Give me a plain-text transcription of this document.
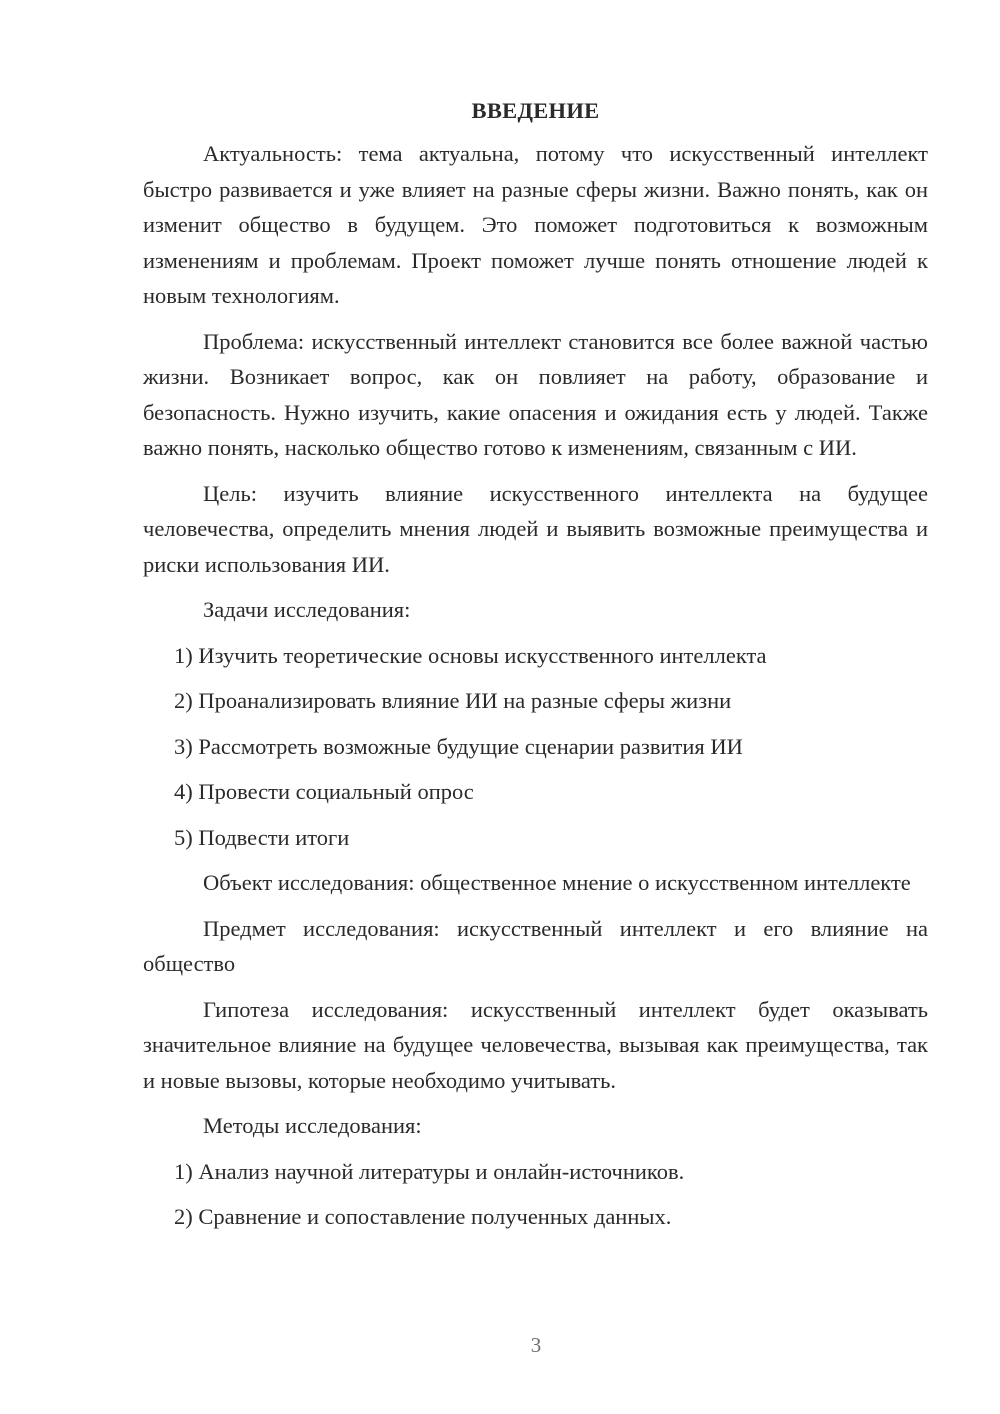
ВВЕДЕНИЕ

Актуальность: тема актуальна, потому что искусственный интеллект быстро развивается и уже влияет на разные сферы жизни. Важно понять, как он изменит общество в будущем. Это поможет подготовиться к возможным изменениям и проблемам. Проект поможет лучше понять отношение людей к новым технологиям.

Проблема: искусственный интеллект становится все более важной частью жизни. Возникает вопрос, как он повлияет на работу, образование и безопасность. Нужно изучить, какие опасения и ожидания есть у людей. Также важно понять, насколько общество готово к изменениям, связанным с ИИ.

Цель: изучить влияние искусственного интеллекта на будущее человечества, определить мнения людей и выявить возможные преимущества и риски использования ИИ.

Задачи исследования:

1) Изучить теоретические основы искусственного интеллекта

2) Проанализировать влияние ИИ на разные сферы жизни

3) Рассмотреть возможные будущие сценарии развития ИИ

4) Провести социальный опрос

5) Подвести итоги

Объект исследования: общественное мнение о искусственном интеллекте

Предмет исследования: искусственный интеллект и его влияние на общество

Гипотеза исследования: искусственный интеллект будет оказывать значительное влияние на будущее человечества, вызывая как преимущества, так и новые вызовы, которые необходимо учитывать.

Методы исследования:

1) Анализ научной литературы и онлайн-источников.

2) Сравнение и сопоставление полученных данных.

3
